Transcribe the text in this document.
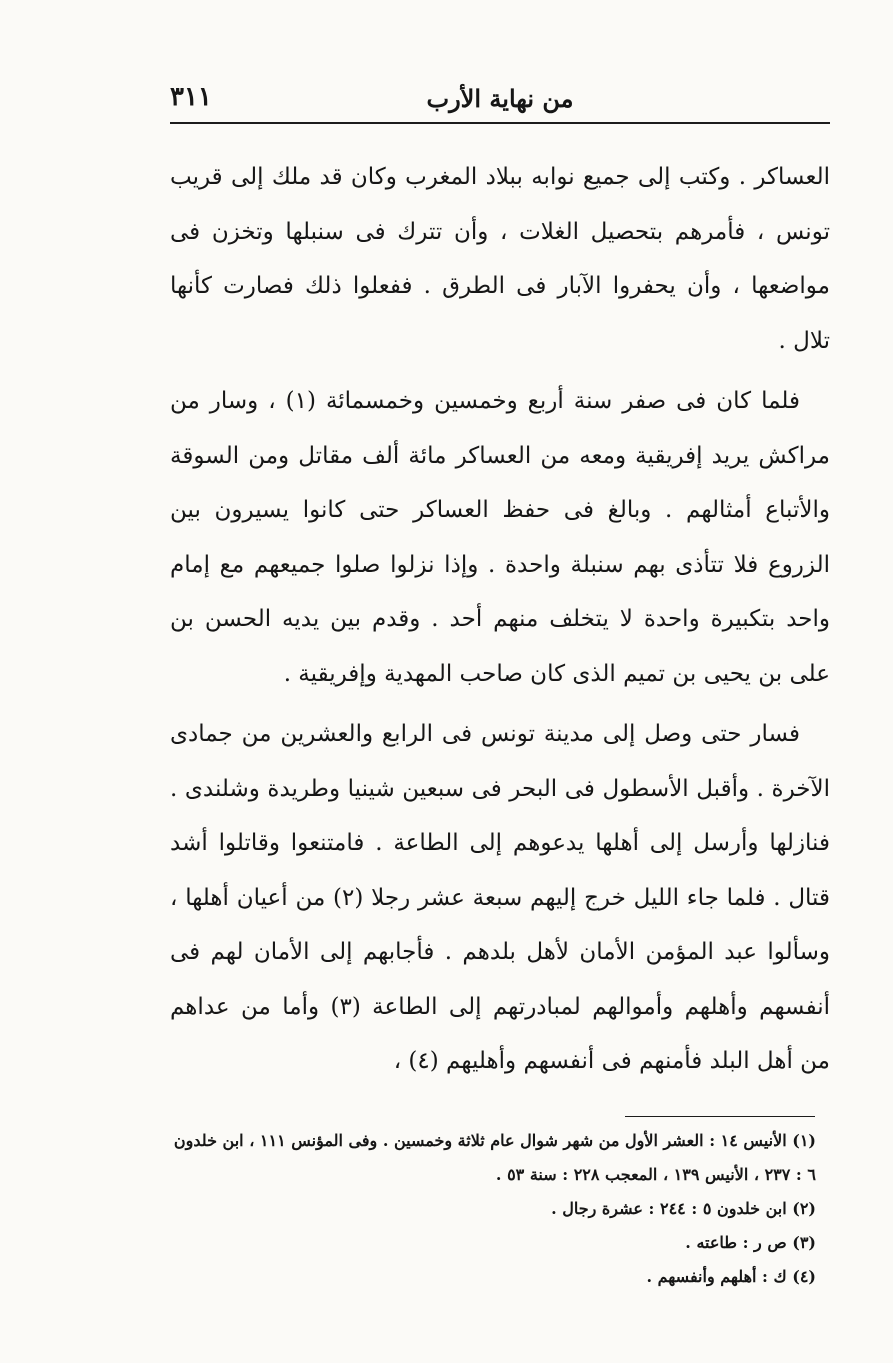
٣١١	من نهاية الأرب

العساكر . وكتب إلى جميع نوابه ببلاد المغرب وكان قد ملك إلى قريب تونس ، فأمرهم بتحصيل الغلات ، وأن تترك فى سنبلها وتخزن فى مواضعها ، وأن يحفروا الآبار فى الطرق . ففعلوا ذلك فصارت كأنها تلال .

فلما كان فى صفر سنة أربع وخمسين وخمسمائة (١) ، وسار من مراكش يريد إفريقية ومعه من العساكر مائة ألف مقاتل ومن السوقة والأتباع أمثالهم . وبالغ فى حفظ العساكر حتى كانوا يسيرون بين الزروع فلا تتأذى بهم سنبلة واحدة . وإذا نزلوا صلوا جميعهم مع إمام واحد بتكبيرة واحدة لا يتخلف منهم أحد . وقدم بين يديه الحسن بن على بن يحيى بن تميم الذى كان صاحب المهدية وإفريقية .

فسار حتى وصل إلى مدينة تونس فى الرابع والعشرين من جمادى الآخرة . وأقبل الأسطول فى البحر فى سبعين شينيا وطريدة وشلندى . فنازلها وأرسل إلى أهلها يدعوهم إلى الطاعة . فامتنعوا وقاتلوا أشد قتال . فلما جاء الليل خرج إليهم سبعة عشر رجلا (٢) من أعيان أهلها ، وسألوا عبد المؤمن الأمان لأهل بلدهم . فأجابهم إلى الأمان لهم فى أنفسهم وأهلهم وأموالهم لمبادرتهم إلى الطاعة (٣) وأما من عداهم من أهل البلد فأمنهم فى أنفسهم وأهليهم (٤) ،

(١) الأنيس ١٤ : العشر الأول من شهر شوال عام ثلاثة وخمسين . وفى المؤنس ١١١ ، ابن خلدون ٦ : ٢٣٧ ، الأنيس ١٣٩ ، المعجب ٢٢٨ : سنة ٥٣ .

(٢) ابن خلدون ٥ : ٢٤٤ : عشرة رجال .

(٣) ص ر : طاعته .

(٤) ك : أهلهم وأنفسهم .
